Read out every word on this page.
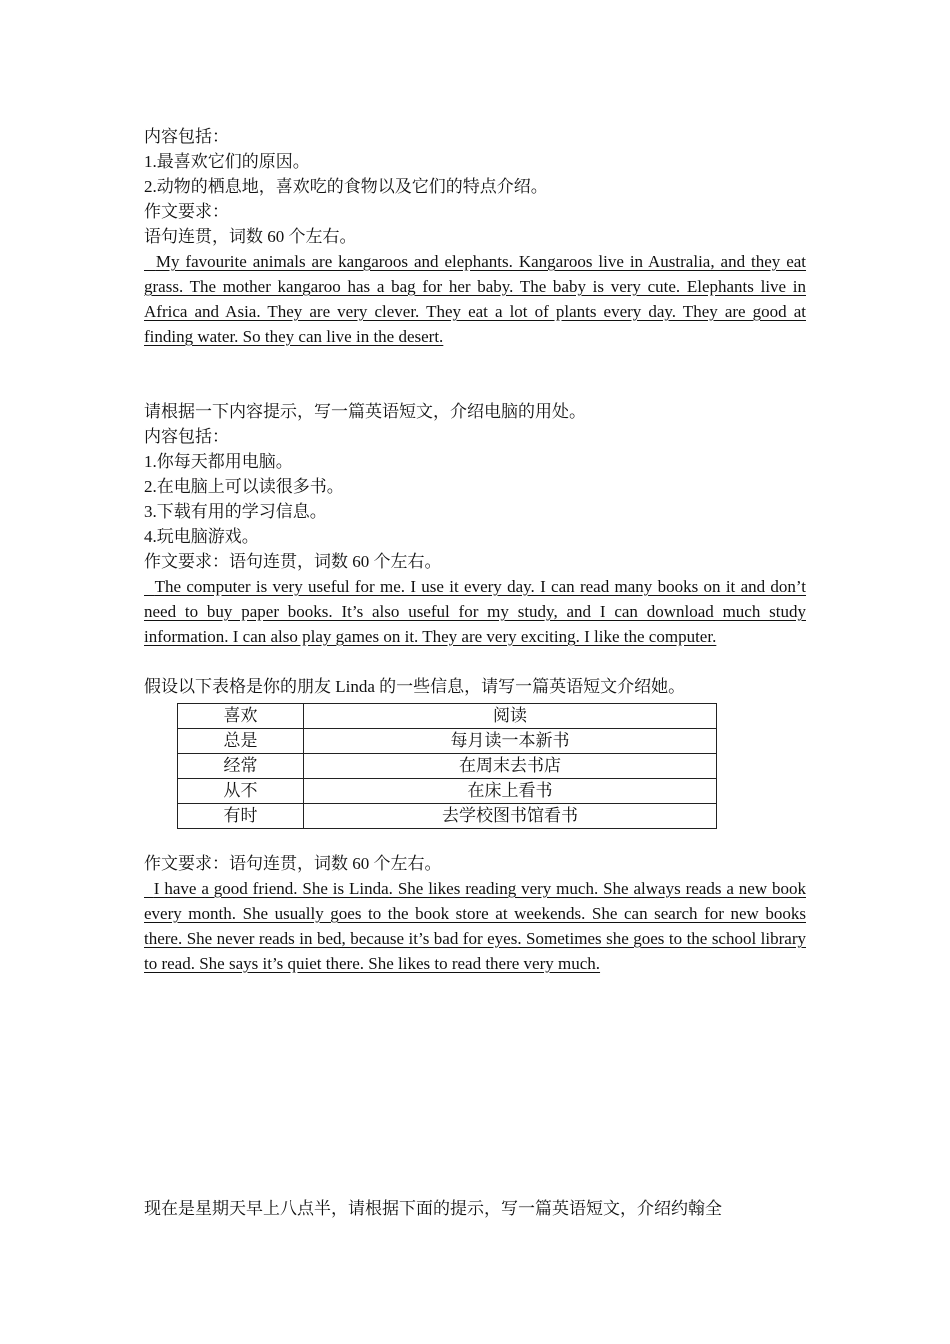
内容包括：
1.最喜欢它们的原因。
2.动物的栖息地，喜欢吃的食物以及它们的特点介绍。
作文要求：
语句连贯，词数 60 个左右。
My favourite animals are kangaroos and elephants. Kangaroos live in Australia, and they eat grass. The mother kangaroo has a bag for her baby. The baby is very cute. Elephants live in Africa and Asia. They are very clever. They eat a lot of plants every day. They are good at finding water. So they can live in the desert.
请根据一下内容提示，写一篇英语短文，介绍电脑的用处。
内容包括：
1.你每天都用电脑。
2.在电脑上可以读很多书。
3.下载有用的学习信息。
4.玩电脑游戏。
作文要求：语句连贯，词数 60 个左右。
The computer is very useful for me. I use it every day. I can read many books on it and don’t need to buy paper books. It’s also useful for my study, and I can download much study information. I can also play games on it. They are very exciting. I like the computer.
假设以下表格是你的朋友 Linda 的一些信息，请写一篇英语短文介绍她。
喜欢	阅读
总是	每月读一本新书
经常	在周末去书店
从不	在床上看书
有时	去学校图书馆看书
作文要求：语句连贯，词数 60 个左右。
I have a good friend. She is Linda. She likes reading very much. She always reads a new book every month. She usually goes to the book store at weekends. She can search for new books there. She never reads in bed, because it’s bad for eyes. Sometimes she goes to the school library to read. She says it’s quiet there. She likes to read there very much.
现在是星期天早上八点半，请根据下面的提示，写一篇英语短文，介绍约翰全
